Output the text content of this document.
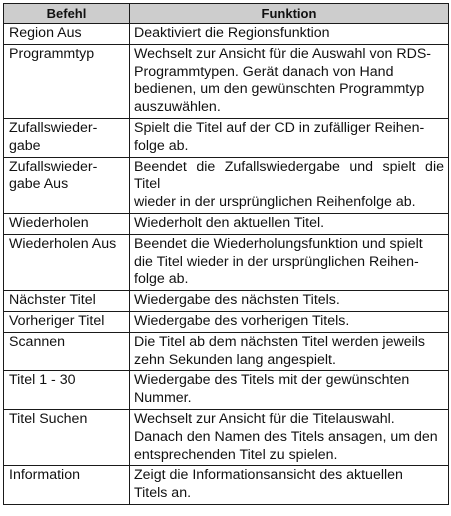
Befehl	Funktion
Region Aus	Deaktiviert die Regionsfunktion
Programmtyp	Wechselt zur Ansicht für die Auswahl von RDS-
Programmtypen. Gerät danach von Hand
bedienen, um den gewünschten Programmtyp
auszuwählen.
Zufallswieder-
gabe	Spielt die Titel auf der CD in zufälliger Reihen-
folge ab.
Zufallswieder-
gabe Aus	Beendet die Zufallswiedergabe und spielt die Titel
wieder in der ursprünglichen Reihenfolge ab.
Wiederholen	Wiederholt den aktuellen Titel.
Wiederholen Aus	Beendet die Wiederholungsfunktion und spielt
die Titel wieder in der ursprünglichen Reihen-
folge ab.
Nächster Titel	Wiedergabe des nächsten Titels.
Vorheriger Titel	Wiedergabe des vorherigen Titels.
Scannen	Die Titel ab dem nächsten Titel werden jeweils
zehn Sekunden lang angespielt.
Titel 1 - 30	Wiedergabe des Titels mit der gewünschten
Nummer.
Titel Suchen	Wechselt zur Ansicht für die Titelauswahl.
Danach den Namen des Titels ansagen, um den
entsprechenden Titel zu spielen.
Information	Zeigt die Informationsansicht des aktuellen
Titels an.
